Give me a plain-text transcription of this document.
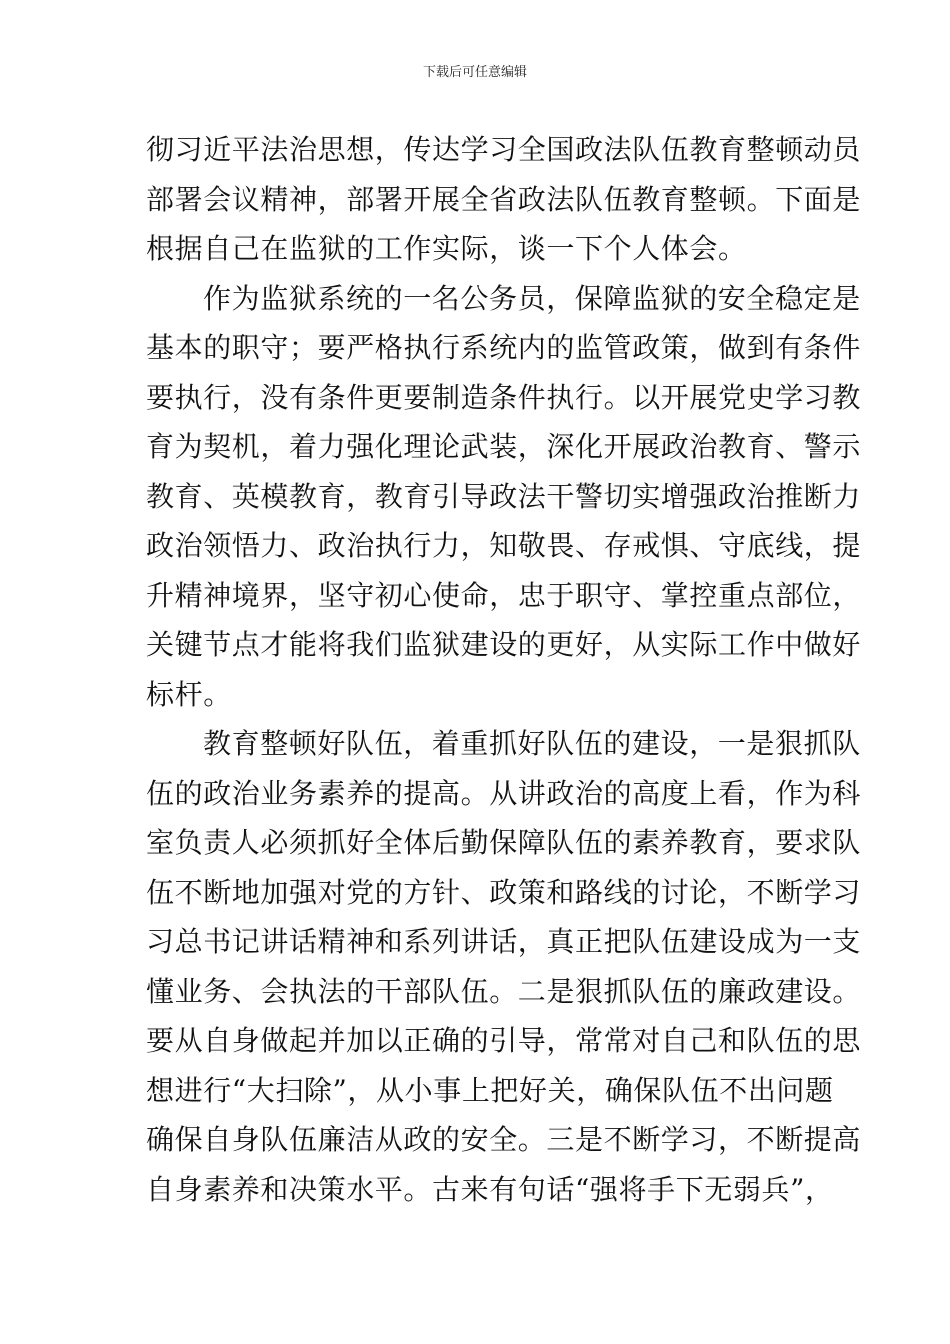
下载后可任意编辑
彻习近平法治思想，传达学习全国政法队伍教育整顿动员
部署会议精神，部署开展全省政法队伍教育整顿。下面是
根据自己在监狱的工作实际，谈一下个人体会。
作为监狱系统的一名公务员，保障监狱的安全稳定是
基本的职守；要严格执行系统内的监管政策，做到有条件
要执行，没有条件更要制造条件执行。以开展党史学习教
育为契机，着力强化理论武装，深化开展政治教育、警示
教育、英模教育，教育引导政法干警切实增强政治推断力
政治领悟力、政治执行力，知敬畏、存戒惧、守底线，提
升精神境界，坚守初心使命，忠于职守、掌控重点部位，
关键节点才能将我们监狱建设的更好，从实际工作中做好
标杆。
教育整顿好队伍，着重抓好队伍的建设，一是狠抓队
伍的政治业务素养的提高。从讲政治的高度上看，作为科
室负责人必须抓好全体后勤保障队伍的素养教育，要求队
伍不断地加强对党的方针、政策和路线的讨论，不断学习
习总书记讲话精神和系列讲话，真正把队伍建设成为一支
懂业务、会执法的干部队伍。二是狠抓队伍的廉政建设。
要从自身做起并加以正确的引导，常常对自己和队伍的思
想进行“大扫除”，从小事上把好关，确保队伍不出问题
确保自身队伍廉洁从政的安全。三是不断学习，不断提高
自身素养和决策水平。古来有句话“强将手下无弱兵”，
